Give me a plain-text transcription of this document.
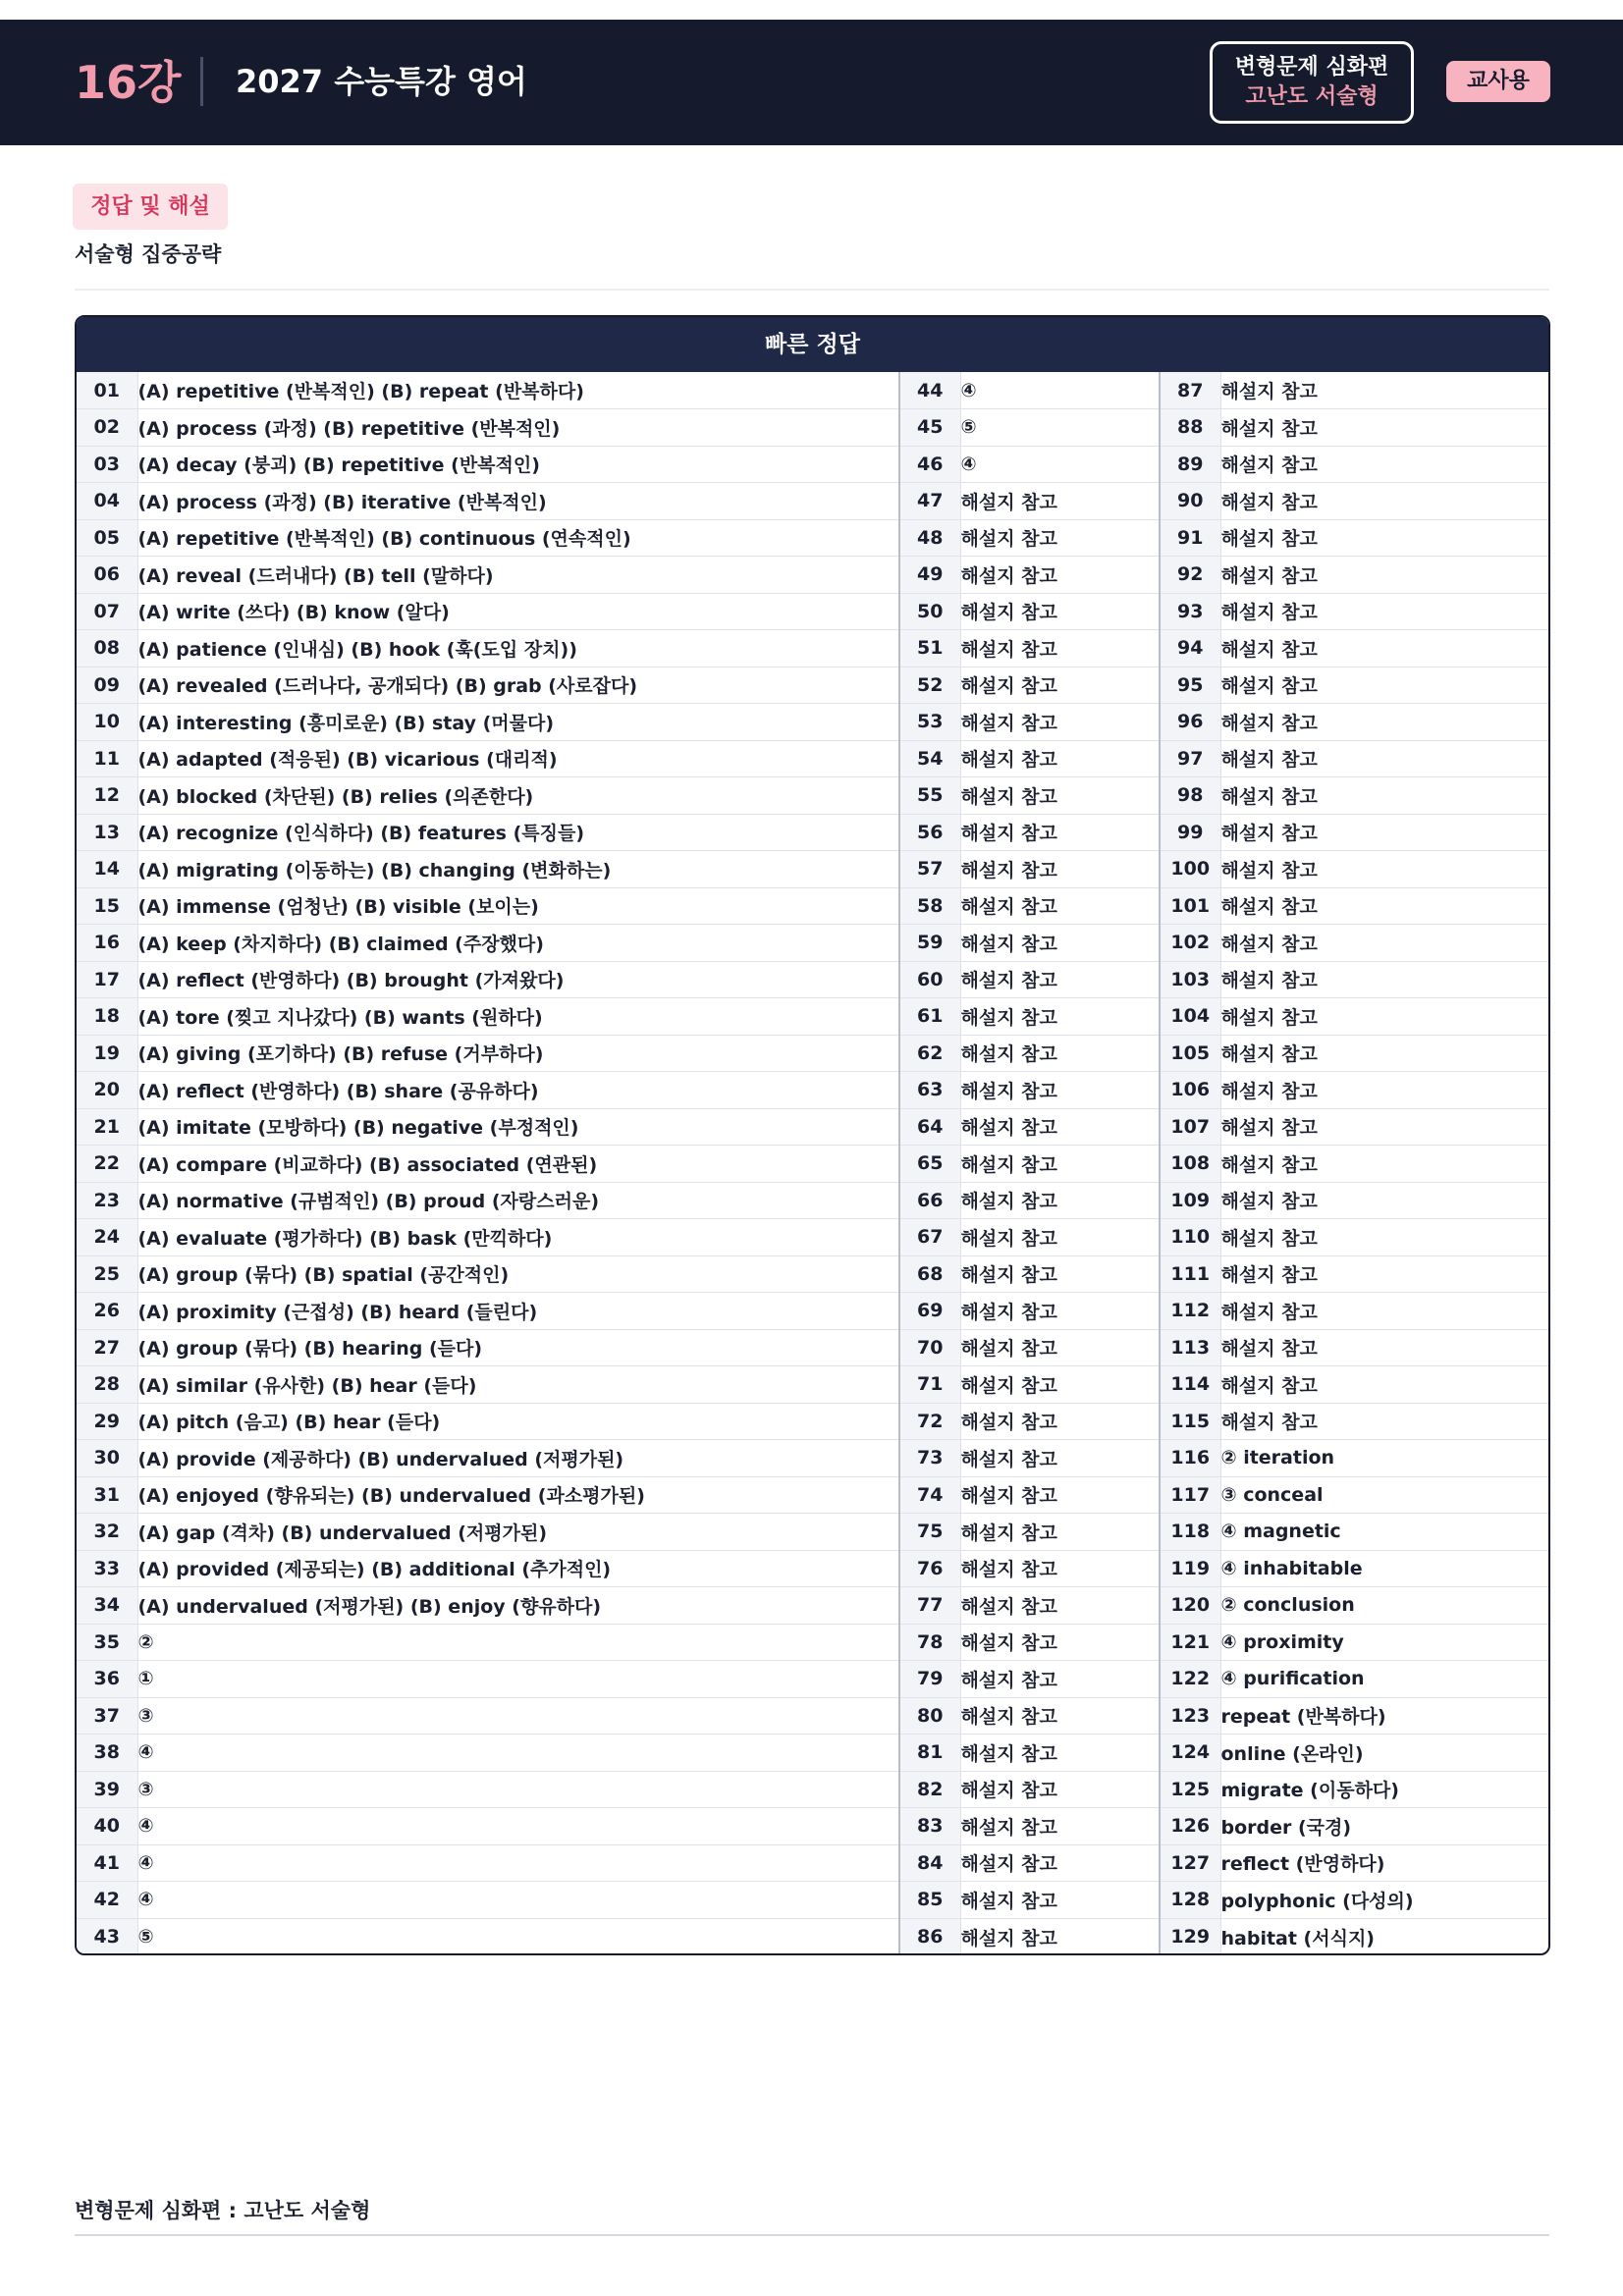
16강 2027 수능특강 영어	변형문제 심화편
고난도 서술형
교사용
정답 및 해설
서술형 집중공략
빠른 정답
01	(A) repetitive (반복적인) (B) repeat (반복하다)	44	④	87	해설지 참고
02	(A) process (과정) (B) repetitive (반복적인)	45	⑤	88	해설지 참고
03	(A) decay (붕괴) (B) repetitive (반복적인)	46	④	89	해설지 참고
04	(A) process (과정) (B) iterative (반복적인)	47	해설지 참고	90	해설지 참고
05	(A) repetitive (반복적인) (B) continuous (연속적인)	48	해설지 참고	91	해설지 참고
06	(A) reveal (드러내다) (B) tell (말하다)	49	해설지 참고	92	해설지 참고
07	(A) write (쓰다) (B) know (알다)	50	해설지 참고	93	해설지 참고
08	(A) patience (인내심) (B) hook (훅(도입 장치))	51	해설지 참고	94	해설지 참고
09	(A) revealed (드러나다, 공개되다) (B) grab (사로잡다)	52	해설지 참고	95	해설지 참고
10	(A) interesting (흥미로운) (B) stay (머물다)	53	해설지 참고	96	해설지 참고
11	(A) adapted (적응된) (B) vicarious (대리적)	54	해설지 참고	97	해설지 참고
12	(A) blocked (차단된) (B) relies (의존한다)	55	해설지 참고	98	해설지 참고
13	(A) recognize (인식하다) (B) features (특징들)	56	해설지 참고	99	해설지 참고
14	(A) migrating (이동하는) (B) changing (변화하는)	57	해설지 참고	100	해설지 참고
15	(A) immense (엄청난) (B) visible (보이는)	58	해설지 참고	101	해설지 참고
16	(A) keep (차지하다) (B) claimed (주장했다)	59	해설지 참고	102	해설지 참고
17	(A) reflect (반영하다) (B) brought (가져왔다)	60	해설지 참고	103	해설지 참고
18	(A) tore (찢고 지나갔다) (B) wants (원하다)	61	해설지 참고	104	해설지 참고
19	(A) giving (포기하다) (B) refuse (거부하다)	62	해설지 참고	105	해설지 참고
20	(A) reflect (반영하다) (B) share (공유하다)	63	해설지 참고	106	해설지 참고
21	(A) imitate (모방하다) (B) negative (부정적인)	64	해설지 참고	107	해설지 참고
22	(A) compare (비교하다) (B) associated (연관된)	65	해설지 참고	108	해설지 참고
23	(A) normative (규범적인) (B) proud (자랑스러운)	66	해설지 참고	109	해설지 참고
24	(A) evaluate (평가하다) (B) bask (만끽하다)	67	해설지 참고	110	해설지 참고
25	(A) group (묶다) (B) spatial (공간적인)	68	해설지 참고	111	해설지 참고
26	(A) proximity (근접성) (B) heard (들린다)	69	해설지 참고	112	해설지 참고
27	(A) group (묶다) (B) hearing (듣다)	70	해설지 참고	113	해설지 참고
28	(A) similar (유사한) (B) hear (듣다)	71	해설지 참고	114	해설지 참고
29	(A) pitch (음고) (B) hear (듣다)	72	해설지 참고	115	해설지 참고
30	(A) provide (제공하다) (B) undervalued (저평가된)	73	해설지 참고	116	② iteration
31	(A) enjoyed (향유되는) (B) undervalued (과소평가된)	74	해설지 참고	117	③ conceal
32	(A) gap (격차) (B) undervalued (저평가된)	75	해설지 참고	118	④ magnetic
33	(A) provided (제공되는) (B) additional (추가적인)	76	해설지 참고	119	④ inhabitable
34	(A) undervalued (저평가된) (B) enjoy (향유하다)	77	해설지 참고	120	② conclusion
35	②	78	해설지 참고	121	④ proximity
36	①	79	해설지 참고	122	④ purification
37	③	80	해설지 참고	123	repeat (반복하다)
38	④	81	해설지 참고	124	online (온라인)
39	③	82	해설지 참고	125	migrate (이동하다)
40	④	83	해설지 참고	126	border (국경)
41	④	84	해설지 참고	127	reflect (반영하다)
42	④	85	해설지 참고	128	polyphonic (다성의)
43	⑤	86	해설지 참고	129	habitat (서식지)
변형문제 심화편 : 고난도 서술형
